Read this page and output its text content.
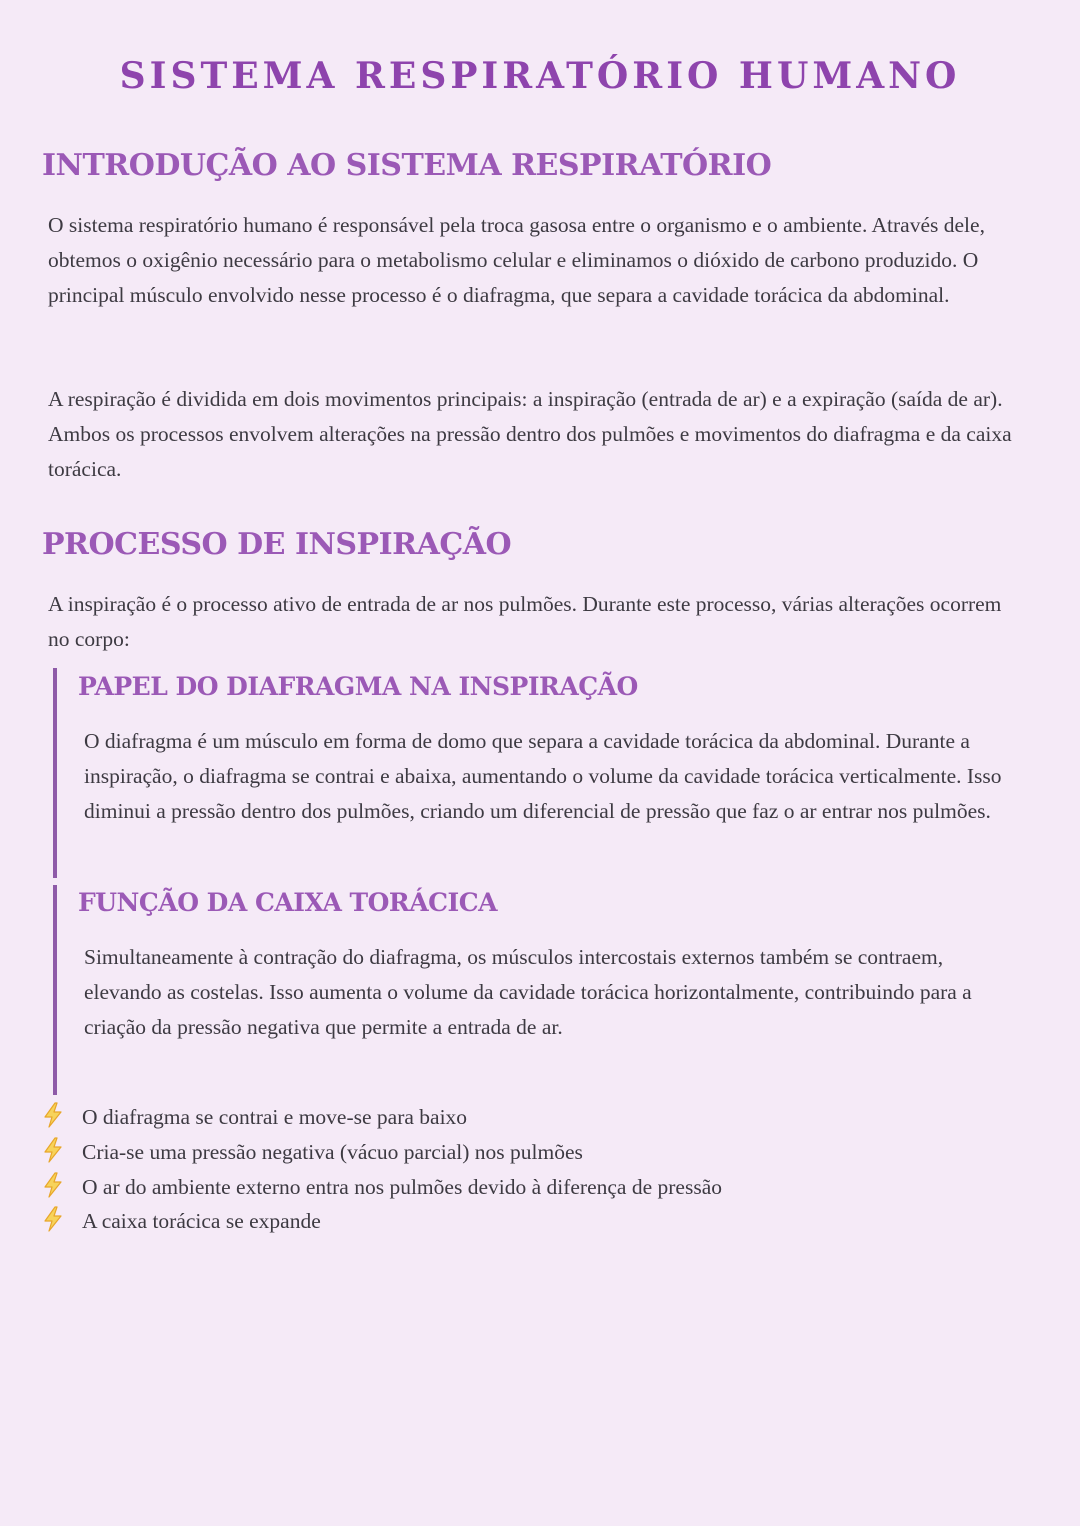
SISTEMA RESPIRATÓRIO HUMANO
INTRODUÇÃO AO SISTEMA RESPIRATÓRIO

O sistema respiratório humano é responsável pela troca gasosa entre o organismo e o ambiente. Através dele, obtemos o oxigênio necessário para o metabolismo celular e eliminamos o dióxido de carbono produzido. O principal músculo envolvido nesse processo é o diafragma, que separa a cavidade torácica da abdominal.

A respiração é dividida em dois movimentos principais: a inspiração (entrada de ar) e a expiração (saída de ar). Ambos os processos envolvem alterações na pressão dentro dos pulmões e movimentos do diafragma e da caixa torácica.

PROCESSO DE INSPIRAÇÃO

A inspiração é o processo ativo de entrada de ar nos pulmões. Durante este processo, várias alterações ocorrem no corpo:

PAPEL DO DIAFRAGMA NA INSPIRAÇÃO

O diafragma é um músculo em forma de domo que separa a cavidade torácica da abdominal. Durante a inspiração, o diafragma se contrai e abaixa, aumentando o volume da cavidade torácica verticalmente. Isso diminui a pressão dentro dos pulmões, criando um diferencial de pressão que faz o ar entrar nos pulmões.

FUNÇÃO DA CAIXA TORÁCICA

Simultaneamente à contração do diafragma, os músculos intercostais externos também se contraem, elevando as costelas. Isso aumenta o volume da cavidade torácica horizontalmente, contribuindo para a criação da pressão negativa que permite a entrada de ar.

O diafragma se contrai e move-se para baixo
Cria-se uma pressão negativa (vácuo parcial) nos pulmões
O ar do ambiente externo entra nos pulmões devido à diferença de pressão
A caixa torácica se expande
